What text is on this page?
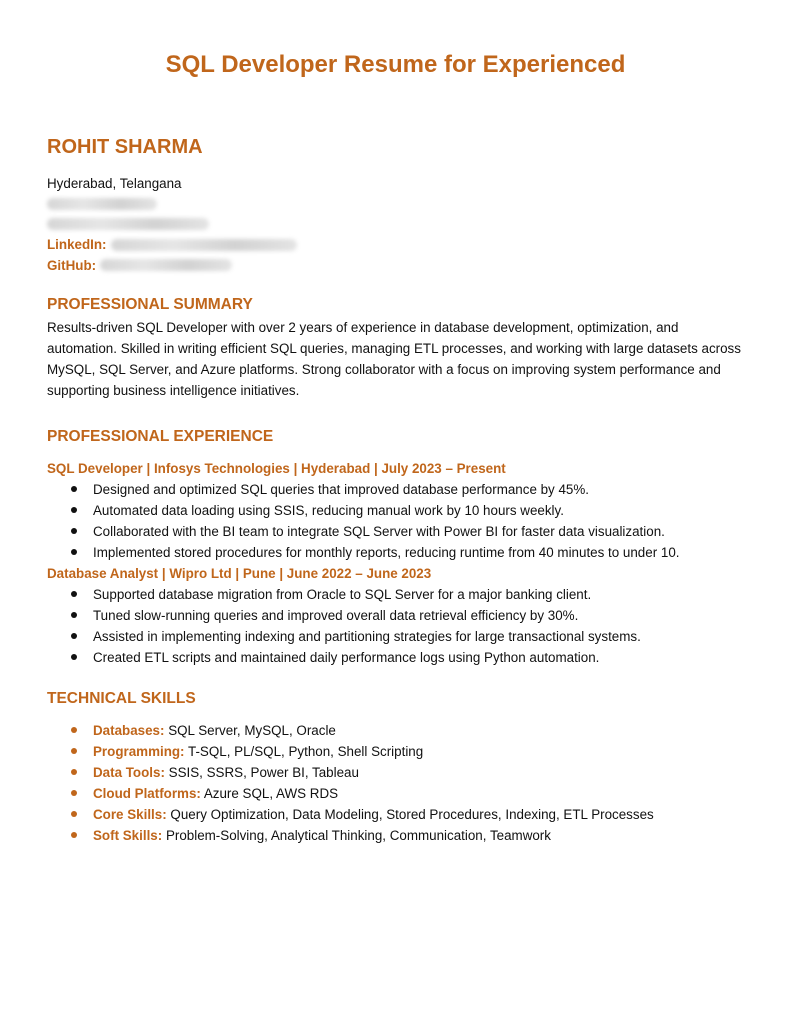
SQL Developer Resume for Experienced
ROHIT SHARMA
Hyderabad, Telangana
LinkedIn:
GitHub:
PROFESSIONAL SUMMARY

Results-driven SQL Developer with over 2 years of experience in database development, optimization, and automation. Skilled in writing efficient SQL queries, managing ETL processes, and working with large datasets across MySQL, SQL Server, and Azure platforms. Strong collaborator with a focus on improving system performance and supporting business intelligence initiatives.

PROFESSIONAL EXPERIENCE
SQL Developer | Infosys Technologies | Hyderabad | July 2023 – Present
Designed and optimized SQL queries that improved database performance by 45%.
Automated data loading using SSIS, reducing manual work by 10 hours weekly.
Collaborated with the BI team to integrate SQL Server with Power BI for faster data visualization.
Implemented stored procedures for monthly reports, reducing runtime from 40 minutes to under 10.
Database Analyst | Wipro Ltd | Pune | June 2022 – June 2023
Supported database migration from Oracle to SQL Server for a major banking client.
Tuned slow-running queries and improved overall data retrieval efficiency by 30%.
Assisted in implementing indexing and partitioning strategies for large transactional systems.
Created ETL scripts and maintained daily performance logs using Python automation.
TECHNICAL SKILLS
Databases: SQL Server, MySQL, Oracle
Programming: T-SQL, PL/SQL, Python, Shell Scripting
Data Tools: SSIS, SSRS, Power BI, Tableau
Cloud Platforms: Azure SQL, AWS RDS
Core Skills: Query Optimization, Data Modeling, Stored Procedures, Indexing, ETL Processes
Soft Skills: Problem-Solving, Analytical Thinking, Communication, Teamwork
